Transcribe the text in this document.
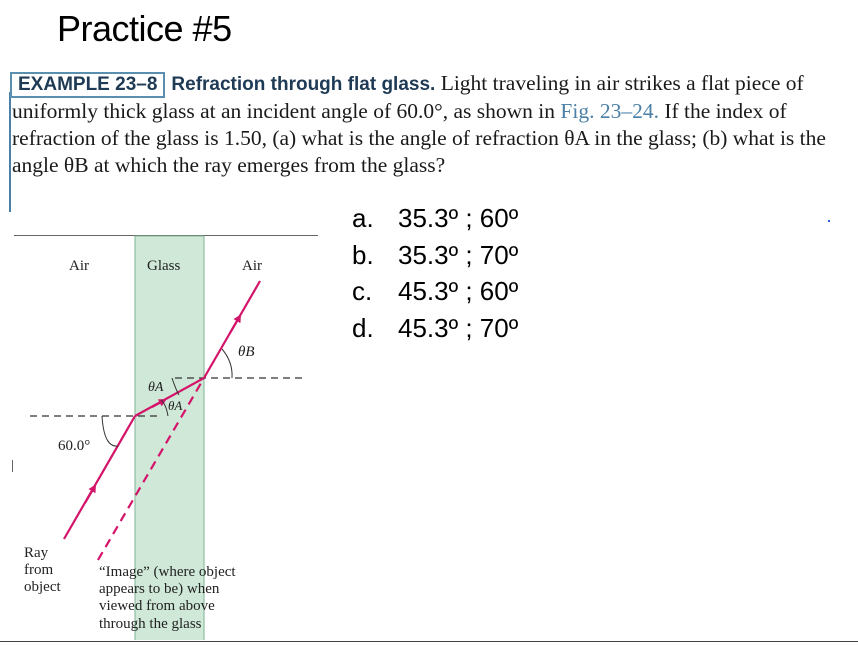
Practice #5
EXAMPLE 23–8 Refraction through flat glass. Light traveling in air strikes a flat piece of uniformly thick glass at an incident angle of 60.0°, as shown in Fig. 23–24. If the index of refraction of the glass is 1.50, (a) what is the angle of refraction θA in the glass; (b) what is the angle θB at which the ray emerges from the glass?
a. 35.3º ; 60º
b. 35.3º ; 70º
c. 45.3º ; 60º
d. 45.3º ; 70º
Air	Glass	Air
θB
θA
θA
60.0°
Ray from object
“Image” (where object appears to be) when viewed from above through the glass
